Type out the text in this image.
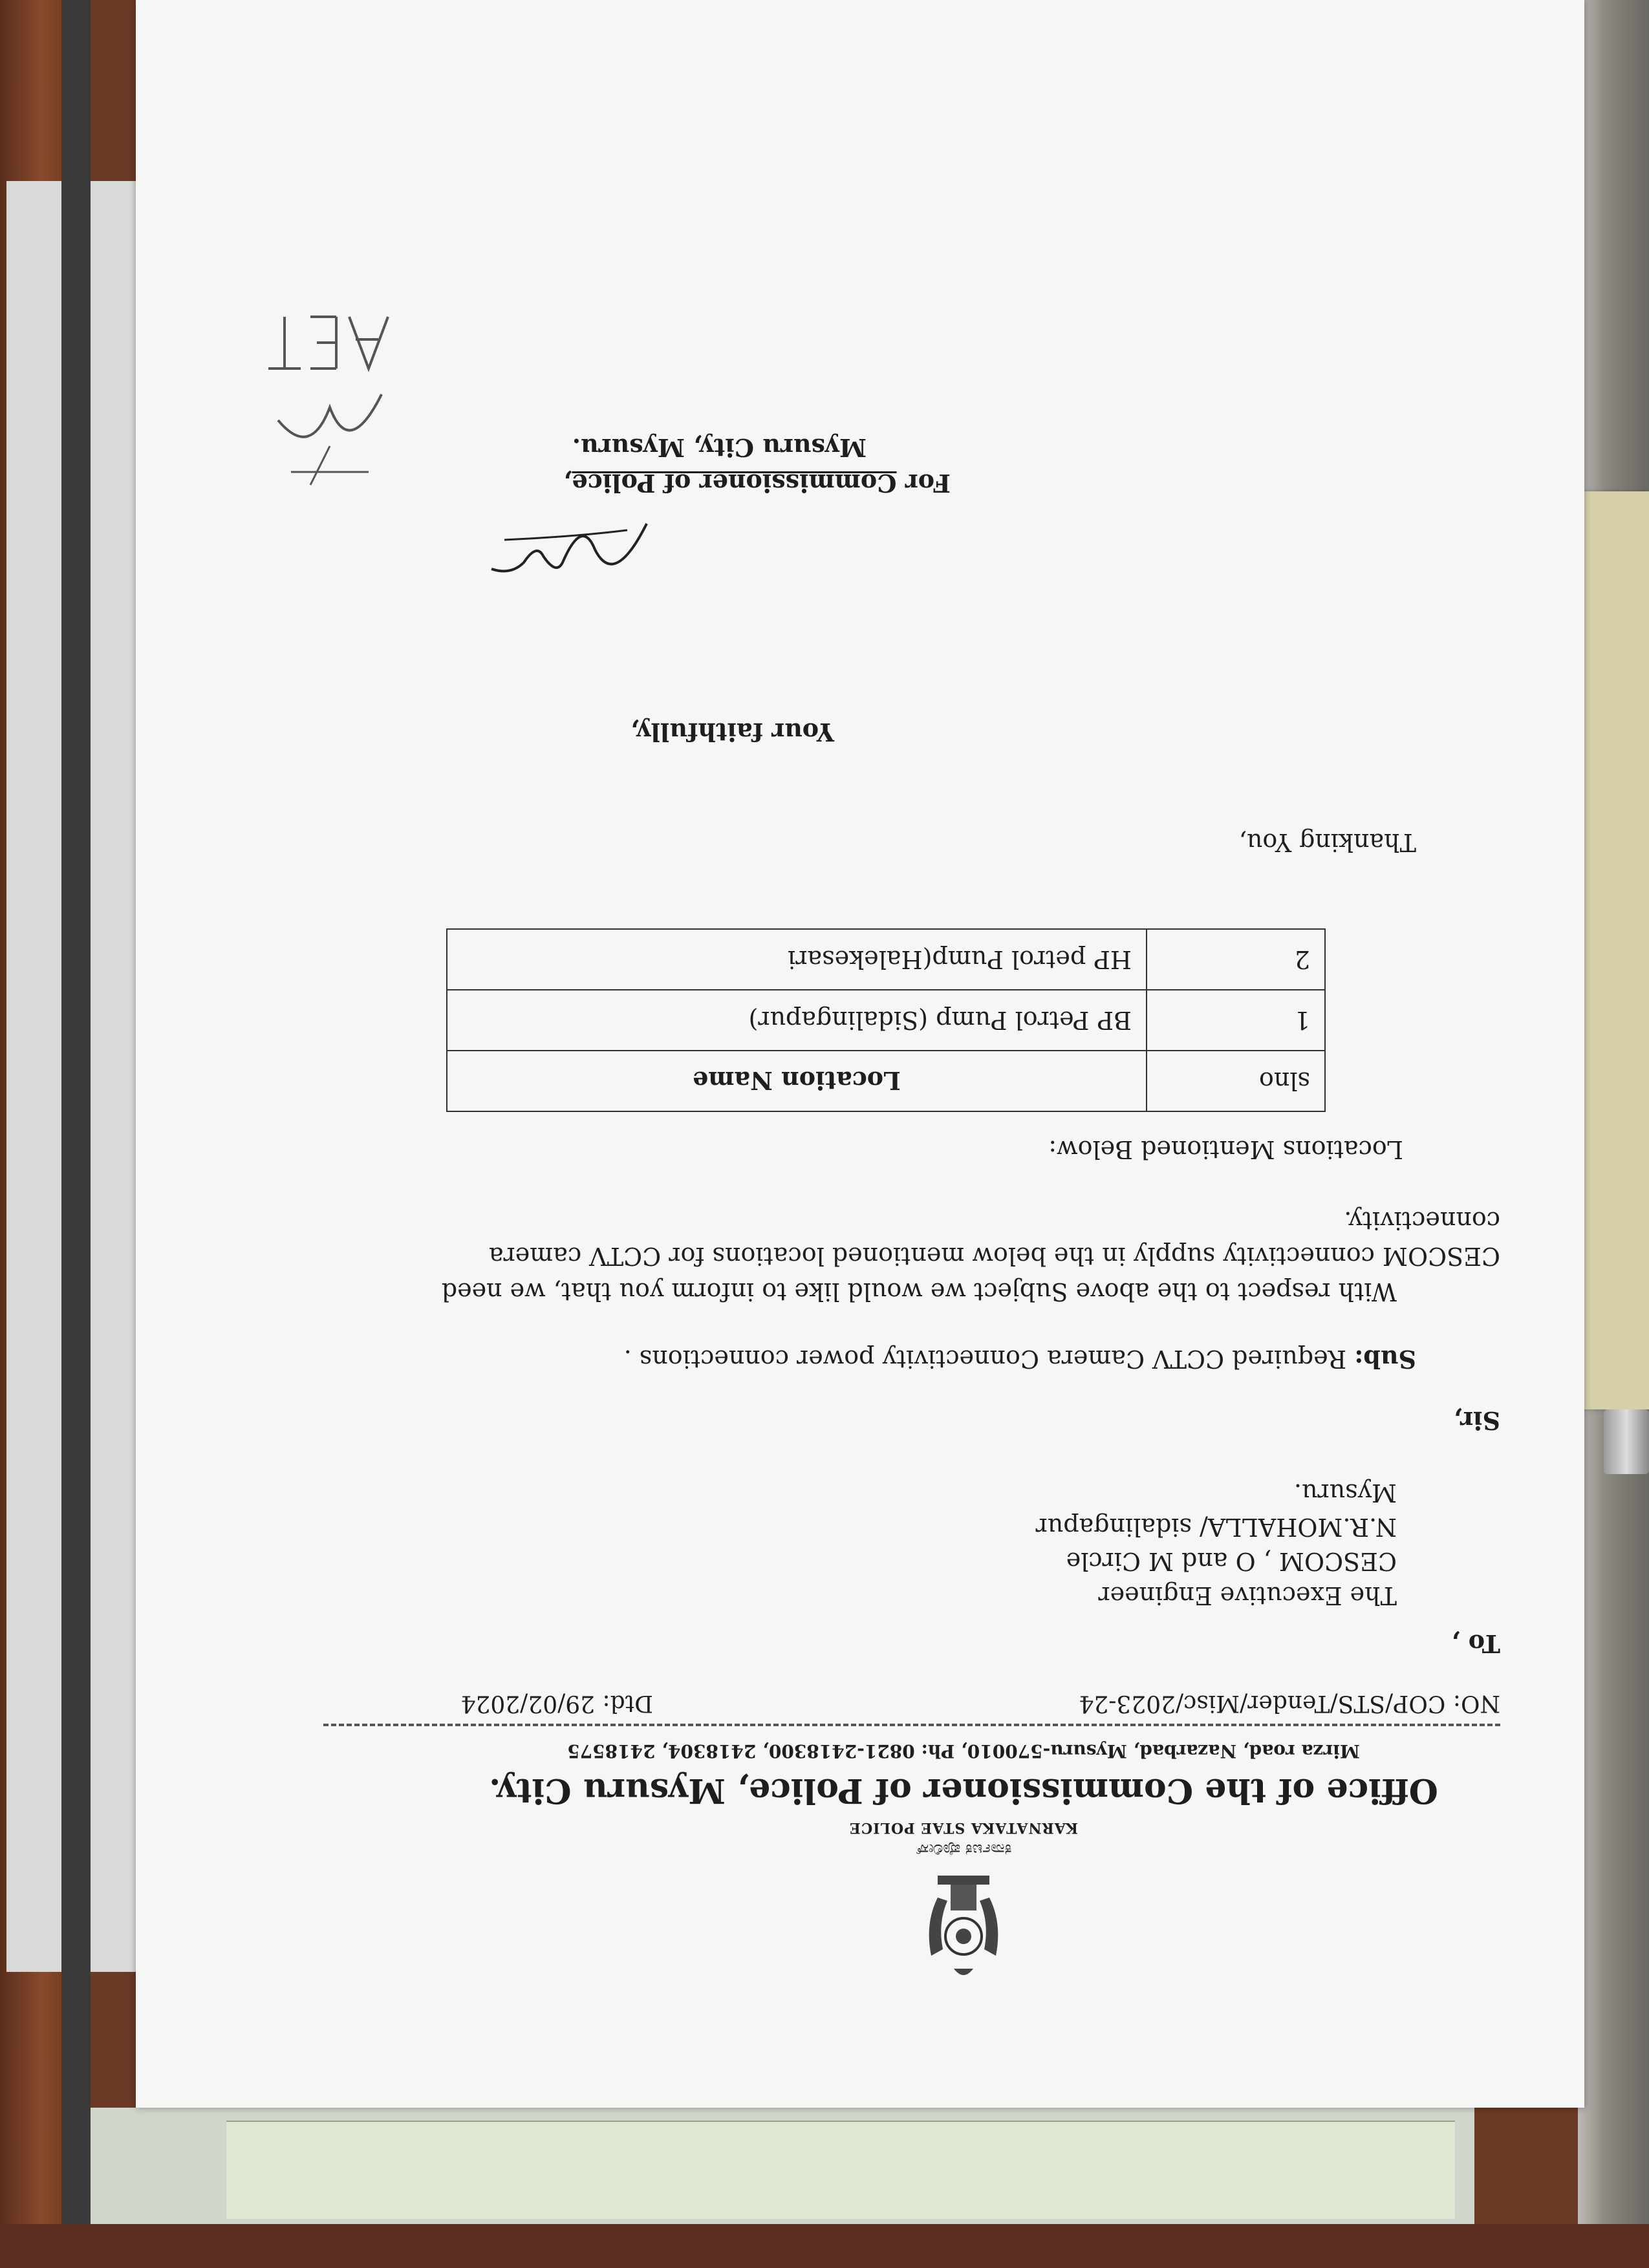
ಕರ್ನಾಟಕ ಪೊಲೀಸ್
KARNATAKA STAE POLICE
Office of the Commissioner of Police, Mysuru City.
Mirza road, Nazarbad, Mysuru-570010, Ph: 0821-2418300, 2418304, 2418575
NO: COP/STS/Tender/Misc/2023-24
Dtd: 29/02/2024
To ,
The Executive Engineer
CESCOM , O and M Circle
N.R.MOHALLA/ sidalingapur
Mysuru.
Sir,
Sub: Required CCTV Camera Connectivity power connections .
With respect to the above Subject we would like to inform you that, we need CESCOM connectivity supply in the below mentioned locations for CCTV camera connectivity.
Locations Mentioned Below:
slno	Location Name
1	BP Petrol Pump (Sidalingapur)
2	HP petrol Pump(Halekesari
Thanking You,
Your faithfully,
For Commissioner of Police,
Mysuru City, Mysuru.
